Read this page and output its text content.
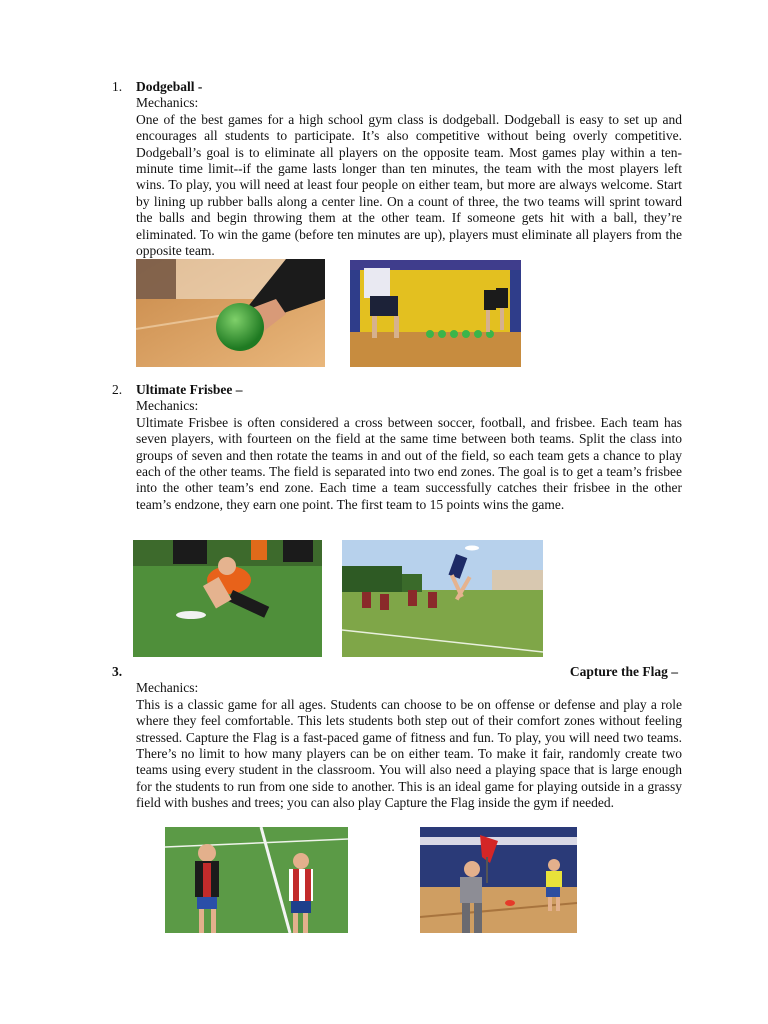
1. Dodgeball -
Mechanics:
One of the best games for a high school gym class is dodgeball. Dodgeball is easy to set up and encourages all students to participate. It’s also competitive without being overly competitive. Dodgeball’s goal is to eliminate all players on the opposite team. Most games play within a ten-minute time limit--if the game lasts longer than ten minutes, the team with the most players left wins. To play, you will need at least four people on either team, but more are always welcome. Start by lining up rubber balls along a center line. On a count of three, the two teams will sprint toward the balls and begin throwing them at the other team. If someone gets hit with a ball, they’re eliminated. To win the game (before ten minutes are up), players must eliminate all players from the opposite team.
2. Ultimate Frisbee –
Mechanics:
Ultimate Frisbee is often considered a cross between soccer, football, and frisbee. Each team has seven players, with fourteen on the field at the same time between both teams. Split the class into groups of seven and then rotate the teams in and out of the field, so each team gets a chance to play each of the other teams. The field is separated into two end zones. The goal is to get a team’s frisbee into the other team’s end zone. Each time a team successfully catches their frisbee in the other team’s endzone, they earn one point. The first team to 15 points wins the game.
3.	Capture the Flag –
Mechanics:
This is a classic game for all ages. Students can choose to be on offense or defense and play a role where they feel comfortable. This lets students both step out of their comfort zones without feeling stressed. Capture the Flag is a fast-paced game of fitness and fun. To play, you will need two teams. There’s no limit to how many players can be on either team. To make it fair, randomly create two teams using every student in the classroom. You will also need a playing space that is large enough for the students to run from one side to another. This is an ideal game for playing outside in a grassy field with bushes and trees; you can also play Capture the Flag inside the gym if needed.
